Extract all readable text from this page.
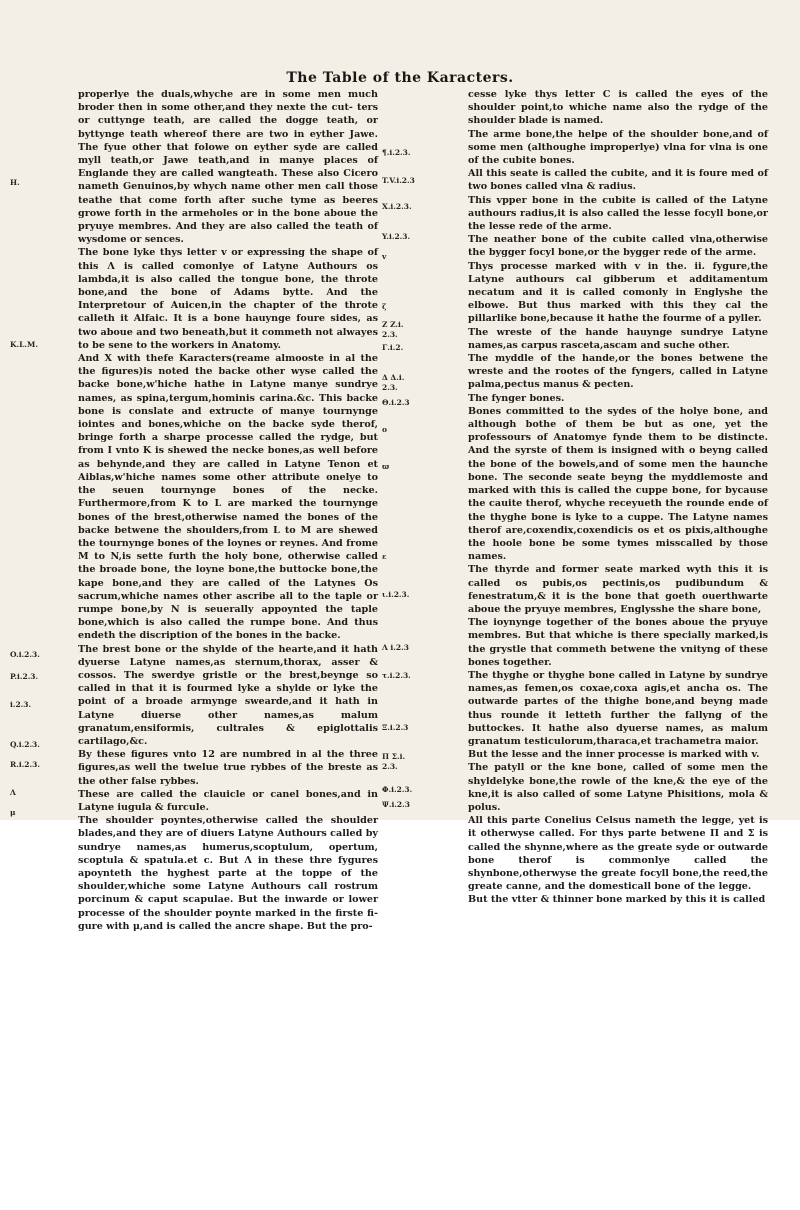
The Table of the Karacters.

properlye the duals,whyche are in some men much broder then in some other,and they nexte the cut- ters or cuttynge teath, are called the dogge teath, or byttynge teath whereof there are two in eyther Jawe. The fyue other that folowe on eyther syde are called myll teath,or Jawe teath,and in manye places of Englande they are called wangteath. These also Cicero nameth Genuinos,by whych name other men call those teathe that come forth after suche tyme as beeres growe forth in the armeholes or in the bone aboue the pryuye membres. And they are also called the teath of wysdome or sences.

The bone lyke thys letter v or expressing the shape of this Λ is called comonlye of Latyne Authours os lambda,it is also called the tongue bone, the throte bone,and the bone of Adams bytte. And the Interpretour of Auicen,in the chapter of the throte calleth it Alfaic. It is a bone hauynge foure sides, as two aboue and two beneath,but it commeth not alwayes to be sene to the workers in Anatomy.

And X with thefe Karacters(reame almooste in al the the figures)is noted the backe other wyse called the backe bone,w'hiche hathe in Latyne manye sundrye names, as spina,tergum,hominis carina.&c. This backe bone is conslate and extructe of manye tournynge iointes and bones,whiche on the backe syde therof, bringe forth a sharpe processe called the rydge, but from I vnto K is shewed the necke bones,as well before as behynde,and they are called in Latyne Tenon et Aiblas,w'hiche names some other attribute onelye to the seuen tournynge bones of the necke. Furthermore,from K to L are marked the tournynge bones of the brest,otherwise named the bones of the backe betwene the shoulders,from L to M are shewed the tournynge bones of the loynes or reynes. And frome M to N,is sette furth the holy bone, otherwise called the broade bone, the loyne bone,the buttocke bone,the kape bone,and they are called of the Latynes Os sacrum,whiche names other ascribe all to the taple or rumpe bone,by N is seuerally appoynted the taple bone,which is also called the rumpe bone. And thus endeth the discription of the bones in the backe.

The brest bone or the shylde of the hearte,and it hath dyuerse Latyne names,as sternum,thorax, asser & cossos. The swerdye gristle or the brest,beynge so called in that it is fourmed lyke a shylde or lyke the point of a broade armynge swearde,and it hath in Latyne diuerse other names,as malum granatum,ensiformis, cultrales & epiglottalis cartilago,&c.

By these figures vnto 12 are numbred in al the three figures,as well the twelue true rybbes of the breste as the other false rybbes.

These are called the clauicle or canel bones,and in Latyne iugula & furcule.

The shoulder poyntes,otherwise called the shoulder blades,and they are of diuers Latyne Authours called by sundrye names,as humerus,scoptulum, opertum, scoptula & spatula.et c. But Λ in these thre fygures apoynteth the hyghest parte at the toppe of the shoulder,whiche some Latyne Authours call rostrum porcinum & caput scapulae. But the inwarde or lower processe of the shoulder poynte marked in the firste fi- gure with μ,and is called the ancre shape. But the pro-

cesse lyke thys letter C is called the eyes of the shoulder point,to whiche name also the rydge of the shoulder blade is named.

The arme bone,the helpe of the shoulder bone,and of some men (althoughe improperlye) vlna for vlna is one of the cubite bones.

All this seate is called the cubite, and it is foure med of two bones called vlna & radius.

This vpper bone in the cubite is called of the Latyne authours radius,it is also called the lesse focyll bone,or the lesse rede of the arme.

The neather bone of the cubite called vlna,otherwise the bygger focyl bone,or the bygger rede of the arme.

Thys processe marked with v in the. ii. fygure,the Latyne authours cal gibberum et additamentum necatum and it is called comonly in Englyshe the elbowe. But thus marked with this they cal the pillarlike bone,because it hathe the fourme of a pyller.

The wreste of the hande hauynge sundrye Latyne names,as carpus rasceta,ascam and suche other.

The myddle of the hande,or the bones betwene the wreste and the rootes of the fyngers, called in Latyne palma,pectus manus & pecten.

The fynger bones.

Bones committed to the sydes of the holye bone, and although bothe of them be but as one, yet the professours of Anatomye fynde them to be distincte. And the syrste of them is insigned with o beyng called the bone of the bowels,and of some men the haunche bone. The seconde seate beyng the myddlemoste and marked with this is called the cuppe bone, for bycause the cauite therof, whyche receyueth the rounde ende of the thyghe bone is lyke to a cuppe. The Latyne names therof are,coxendix,coxendicis os et os pixis,althoughe the hoole bone be some tymes misscalled by those names.

The thyrde and former seate marked wyth this it is called os pubis,os pectinis,os pudibundum & fenestratum,& it is the bone that goeth ouerthwarte aboue the pryuye membres, Englysshe the share bone,

The ioynynge together of the bones aboue the pryuye membres. But that whiche is there specially marked,is the grystle that commeth betwene the vnityng of these bones together.

The thyghe or thyghe bone called in Latyne by sundrye names,as femen,os coxae,coxa agis,et ancha os. The outwarde partes of the thighe bone,and beyng made thus rounde it letteth further the fallyng of the buttockes. It hathe also dyuerse names, as malum granatum testiculorum,tharaca,et trachametra maior.

But the lesse and the inner processe is marked with v.

The patyll or the kne bone, called of some men the shyldelyke bone,the rowle of the kne,& the eye of the kne,it is also called of some Latyne Phisitions, mola & polus.

All this parte Conelius Celsus nameth the legge, yet is it otherwyse called. For thys parte betwene Π and Σ is called the shynne,where as the greate syde or outwarde bone therof is commonlye called the shynbone,otherwyse the greate focyll bone,the reed,the greate canne, and the domesticall bone of the legge.

But the vtter & thinner bone marked by this it is called

¶.i.2.3.
T.V.i.2.3
X.i.2.3.
Y.i.2.3.
v
ζ
Z Z.i.
2.3.
Γ.i.2.
Δ Δ.i.
2.3.
Θ.i.2.3
o
ϖ
ε
ι.i.2.3.
Λ i.2.3
τ.i.2.3.
Ξ.i.2.3
Π Σ.i.
2.3.
Φ.i.2.3.
Ψ.i.2.3
H.
K.L.M.
O.i.2.3.
P.i.2.3.
i.2.3.
Q.i.2.3.
R.i.2.3.
Λ
μ
